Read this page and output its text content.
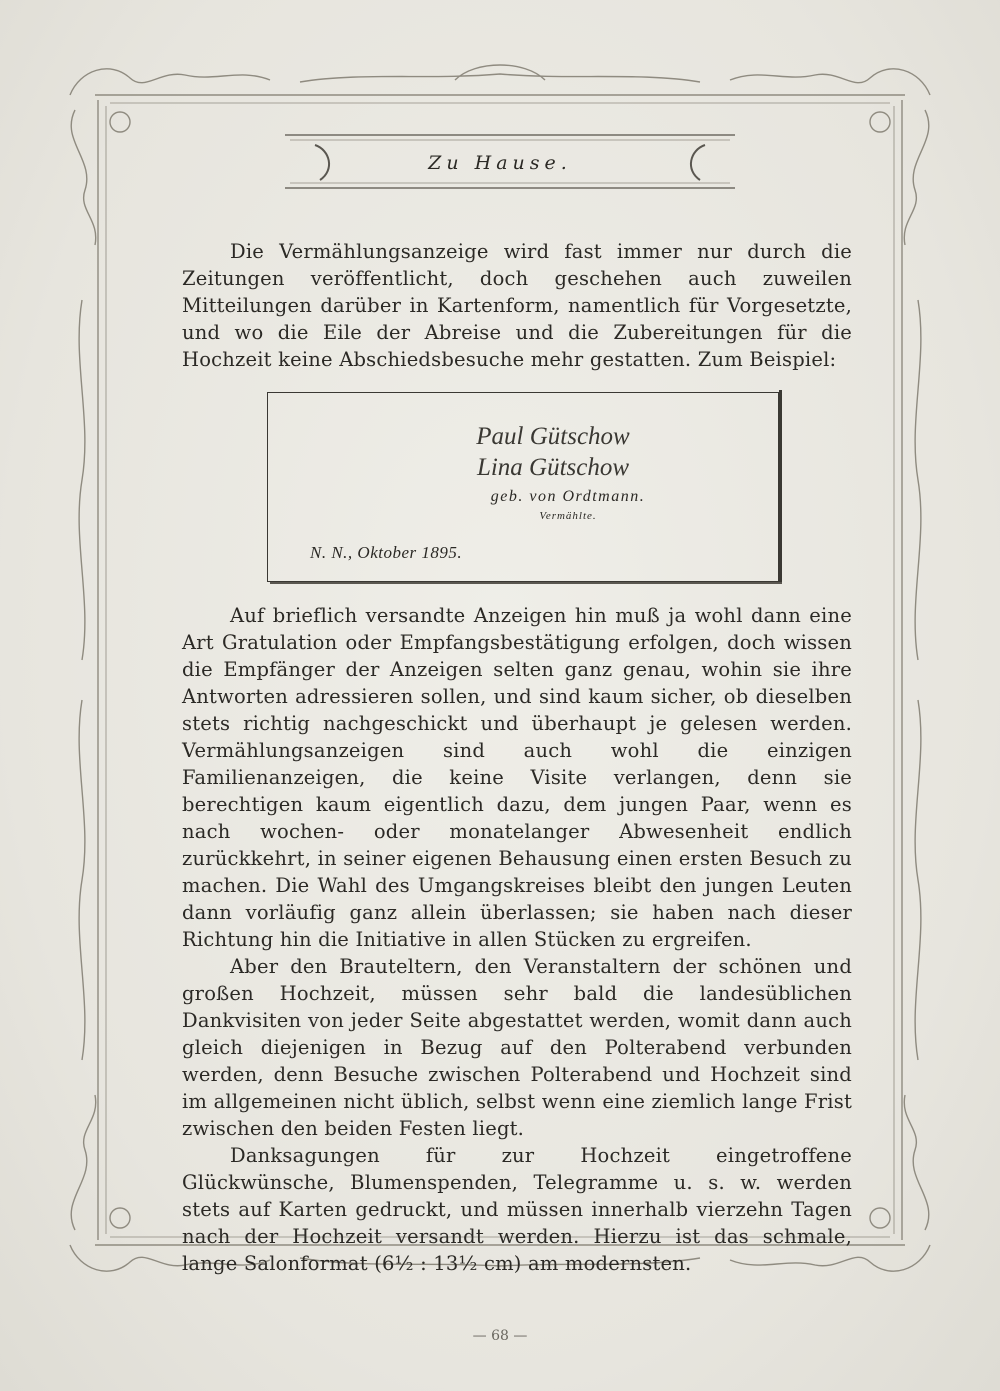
Zu Hause.

Die Vermählungsanzeige wird fast immer nur durch die Zeitungen veröffentlicht, doch geschehen auch zuweilen Mitteilungen darüber in Kartenform, namentlich für Vorgesetzte, und wo die Eile der Abreise und die Zubereitungen für die Hochzeit keine Abschiedsbesuche mehr gestatten. Zum Beispiel:

Paul Gütschow
Lina Gütschow
geb. von Ordtmann.
Vermählte.
N. N., Oktober 1895.

Auf brieflich versandte Anzeigen hin muß ja wohl dann eine Art Gratulation oder Empfangsbestätigung erfolgen, doch wissen die Empfänger der Anzeigen selten ganz genau, wohin sie ihre Antworten adressieren sollen, und sind kaum sicher, ob dieselben stets richtig nachgeschickt und überhaupt je gelesen werden. Vermählungsanzeigen sind auch wohl die einzigen Familienanzeigen, die keine Visite verlangen, denn sie berechtigen kaum eigentlich dazu, dem jungen Paar, wenn es nach wochen- oder monatelanger Abwesenheit endlich zurückkehrt, in seiner eigenen Behausung einen ersten Besuch zu machen. Die Wahl des Umgangskreises bleibt den jungen Leuten dann vorläufig ganz allein überlassen; sie haben nach dieser Richtung hin die Initiative in allen Stücken zu ergreifen.

Aber den Brauteltern, den Veranstaltern der schönen und großen Hochzeit, müssen sehr bald die landesüblichen Dankvisiten von jeder Seite abgestattet werden, womit dann auch gleich diejenigen in Bezug auf den Polterabend verbunden werden, denn Besuche zwischen Polterabend und Hochzeit sind im allgemeinen nicht üblich, selbst wenn eine ziemlich lange Frist zwischen den beiden Festen liegt.

Danksagungen für zur Hochzeit eingetroffene Glückwünsche, Blumenspenden, Telegramme u. s. w. werden stets auf Karten gedruckt, und müssen innerhalb vierzehn Tagen nach der Hochzeit versandt werden. Hierzu ist das schmale, lange Salonformat (6½ : 13½ cm) am modernsten.

— 68 —
